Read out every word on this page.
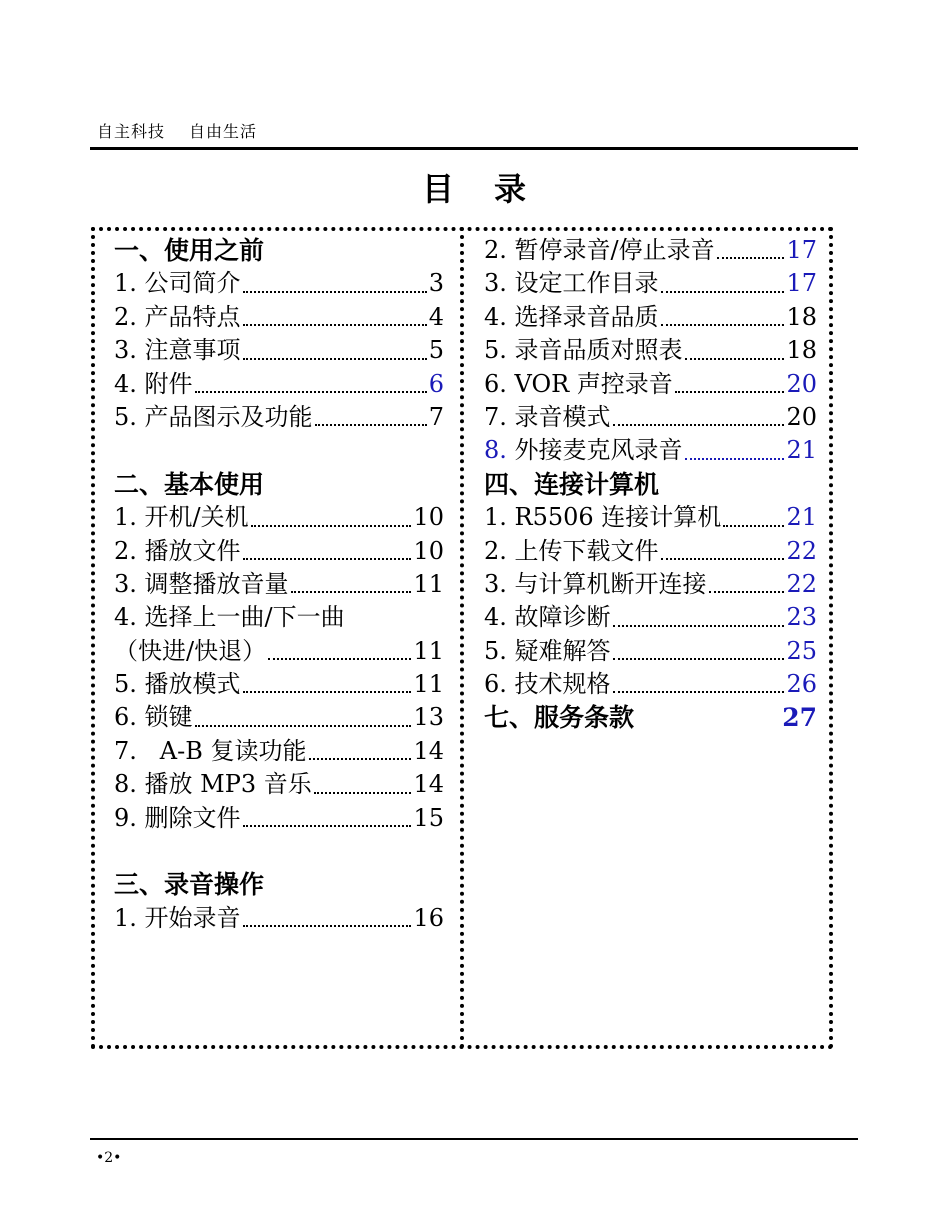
自主科技 自由生活
目 录
一、使用之前
1. 公司简介	3
2. 产品特点	4
3. 注意事项	5
4. 附件	6
5. 产品图示及功能	7
二、基本使用
1. 开机/关机	10
2. 播放文件	10
3. 调整播放音量	11
4. 选择上一曲/下一曲
（快进/快退）	11
5. 播放模式	11
6. 锁键	13
7.   A-B 复读功能	14
8. 播放 MP3 音乐	14
9. 删除文件	15
三、录音操作
1. 开始录音	16
2. 暂停录音/停止录音	17
3. 设定工作目录	17
4. 选择录音品质	18
5. 录音品质对照表	18
6. VOR 声控录音	20
7. 录音模式	20
8. 外接麦克风录音	21
四、连接计算机
1. R5506 连接计算机	21
2. 上传下载文件	22
3. 与计算机断开连接	22
4. 故障诊断	23
5. 疑难解答	25
6. 技术规格	26
七、服务条款	27
•2•
